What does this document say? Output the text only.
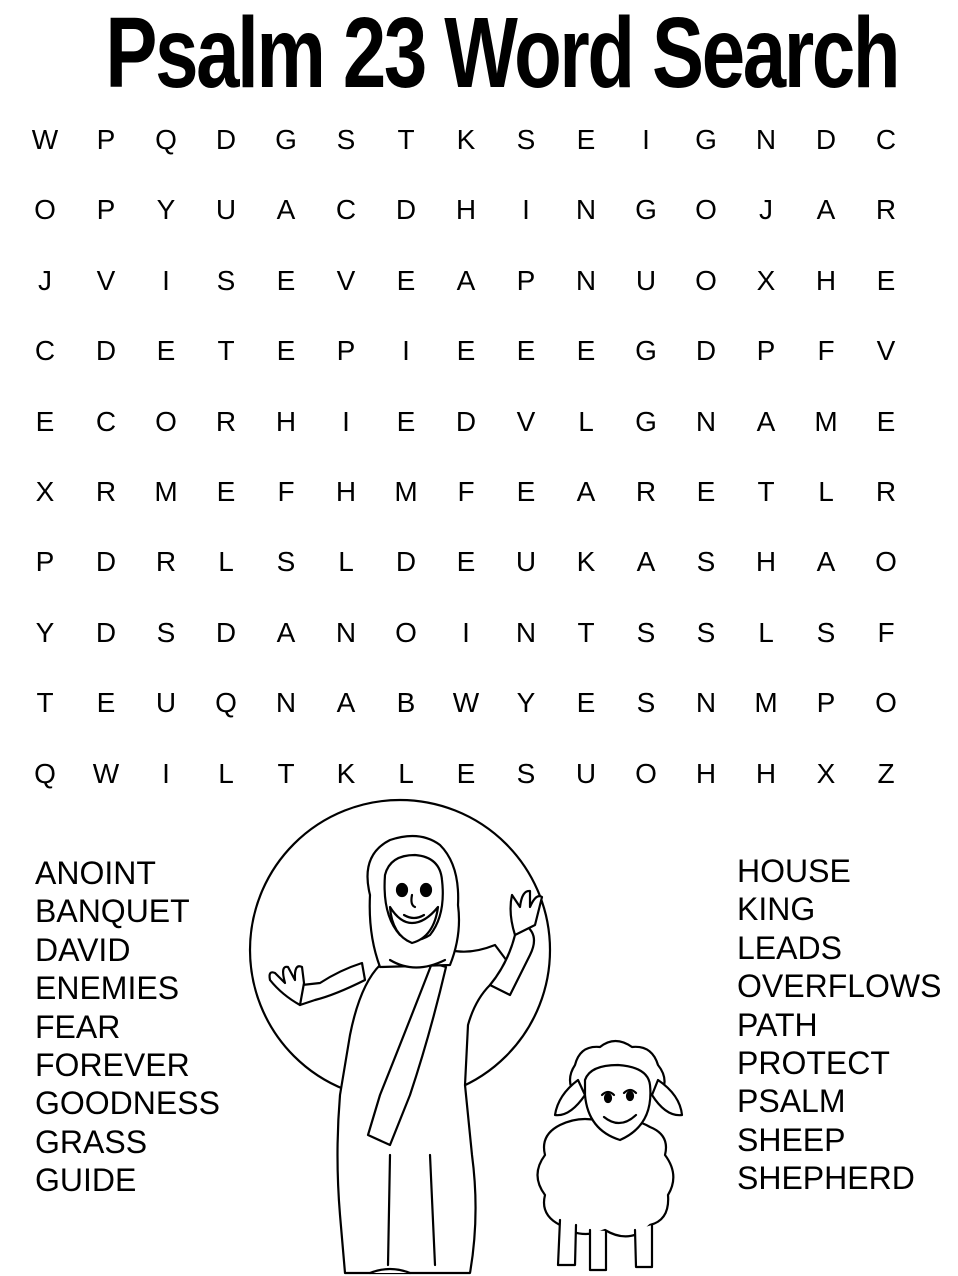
Psalm 23 Word Search
W	P	Q	D	G	S	T	K	S	E	I	G	N	D	C
O	P	Y	U	A	C	D	H	I	N	G	O	J	A	R
J	V	I	S	E	V	E	A	P	N	U	O	X	H	E
C	D	E	T	E	P	I	E	E	E	G	D	P	F	V
E	C	O	R	H	I	E	D	V	L	G	N	A	M	E
X	R	M	E	F	H	M	F	E	A	R	E	T	L	R
P	D	R	L	S	L	D	E	U	K	A	S	H	A	O
Y	D	S	D	A	N	O	I	N	T	S	S	L	S	F
T	E	U	Q	N	A	B	W	Y	E	S	N	M	P	O
Q	W	I	L	T	K	L	E	S	U	O	H	H	X	Z
ANOINT
BANQUET
DAVID
ENEMIES
FEAR
FOREVER
GOODNESS
GRASS
GUIDE
HOUSE
KING
LEADS
OVERFLOWS
PATH
PROTECT
PSALM
SHEEP
SHEPHERD
